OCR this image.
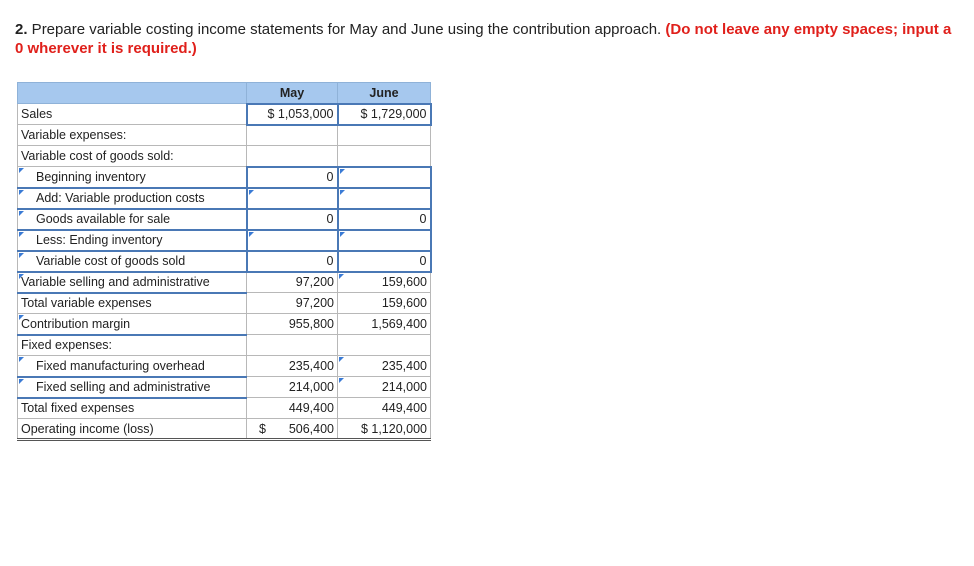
2. Prepare variable costing income statements for May and June using the contribution approach. (Do not leave any empty spaces; input a 0 wherever it is required.)
	May	June
Sales	$ 1,053,000	$ 1,729,000
Variable expenses:		
Variable cost of goods sold:		

Beginning inventory	0	

Add: Variable production costs	

Goods available for sale	0	0

Less: Ending inventory	

Variable cost of goods sold	0	0

Variable selling and administrative	97,200	159,600
Total variable expenses	97,200	159,600

Contribution margin	955,800	1,569,400
Fixed expenses:		

Fixed manufacturing overhead	235,400	235,400

Fixed selling and administrative	214,000	214,000
Total fixed expenses	449,400	449,400
Operating income (loss)	$ 506,400	$ 1,120,000
